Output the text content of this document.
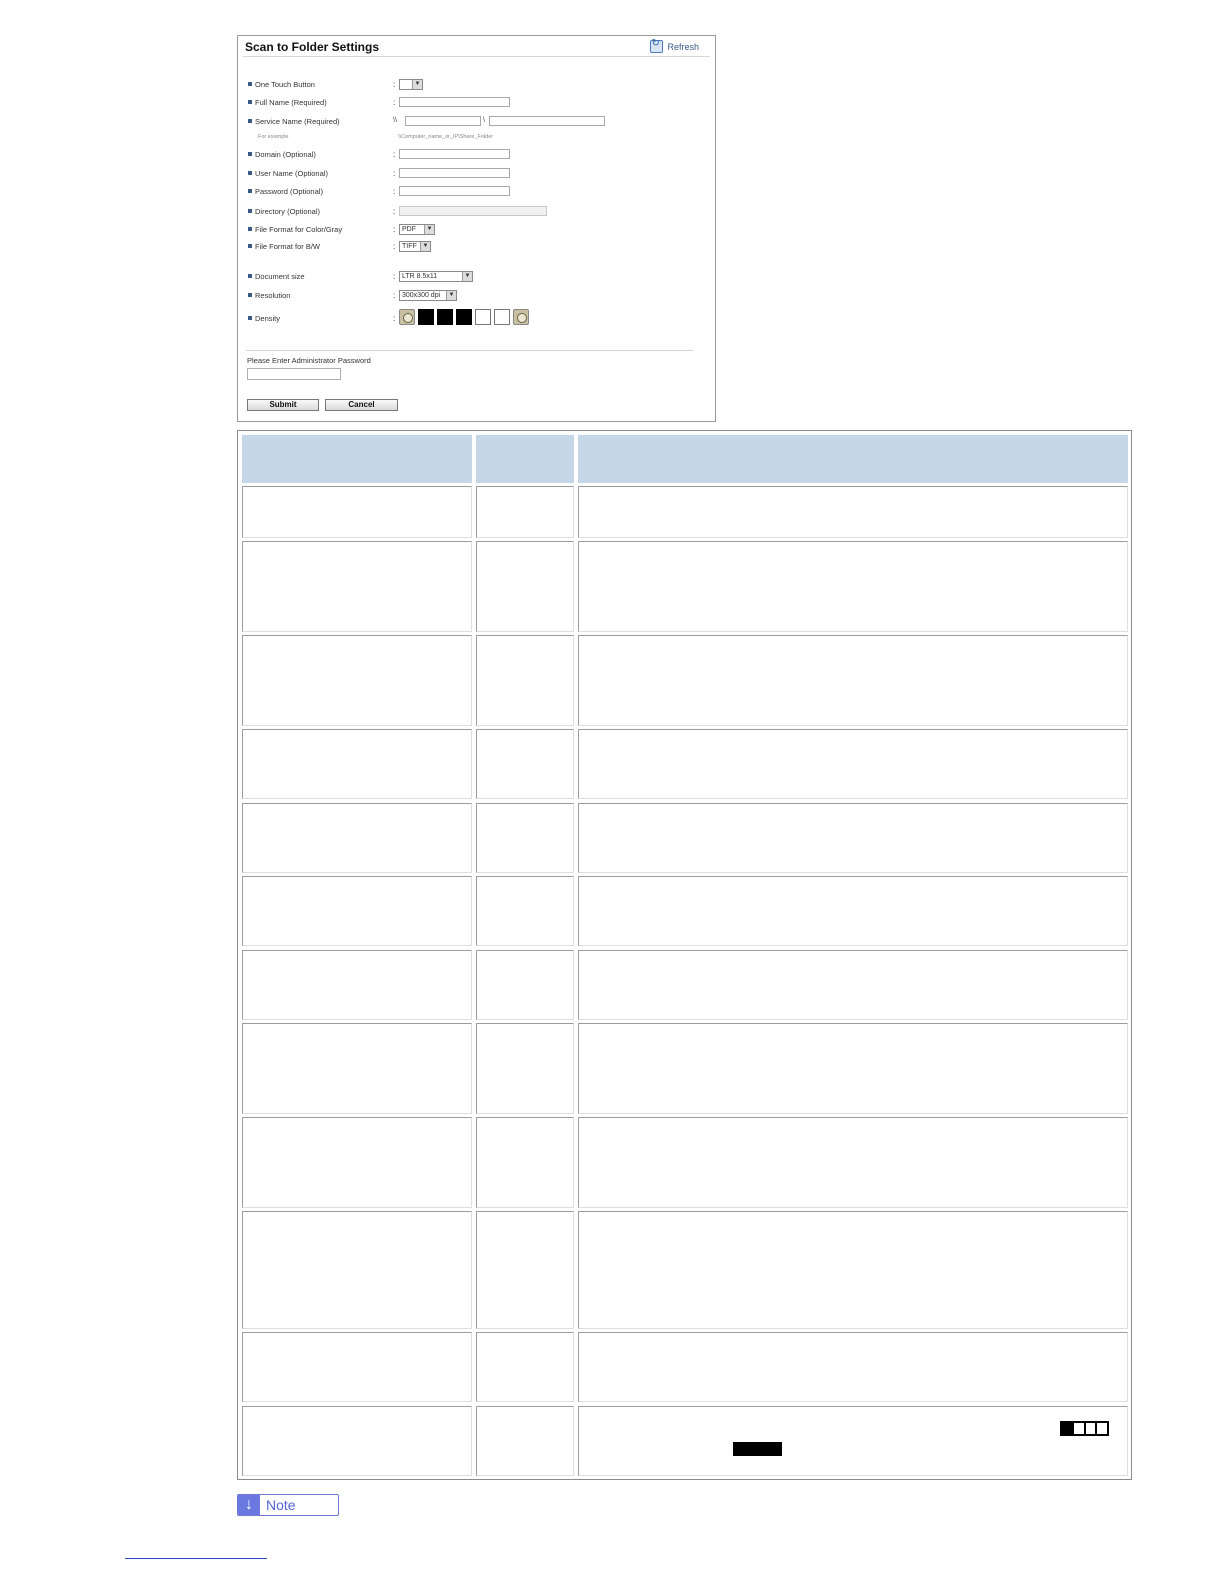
Scan to Folder Settings
↻	Refresh
One Touch Button	:	▼
Full Name (Required)	:
Service Name (Required)	\\	\
For example	\\Computer_name_or_IP\Share_Folder
Domain (Optional)	:
User Name (Optional)	:
Password (Optional)	:
Directory (Optional)	:
File Format for Color/Gray	: PDF	▼
File Format for B/W	: TIFF ▼
Document size	: LTR 8.5x11	▼
Resolution	: 300x300 dpi	▼
Density	:
Please Enter Administrator Password
Submit	Cancel
↓ Note
